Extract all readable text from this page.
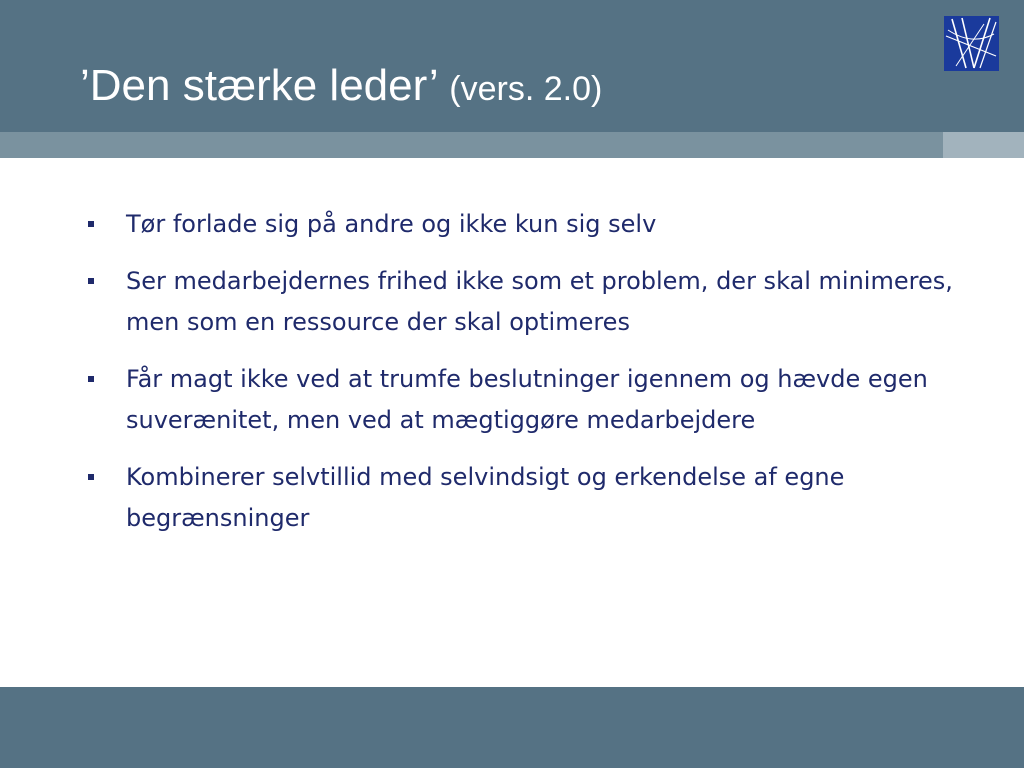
’Den stærke leder’ (vers. 2.0)
Tør forlade sig på andre og ikke kun sig selv
Ser medarbejdernes frihed ikke som et problem, der skal minimeres, men som en ressource der skal optimeres
Får magt ikke ved at trumfe beslutninger igennem og hævde egen suverænitet, men ved at mægtiggøre medarbejdere
Kombinerer selvtillid med selvindsigt og erkendelse af egne begrænsninger
